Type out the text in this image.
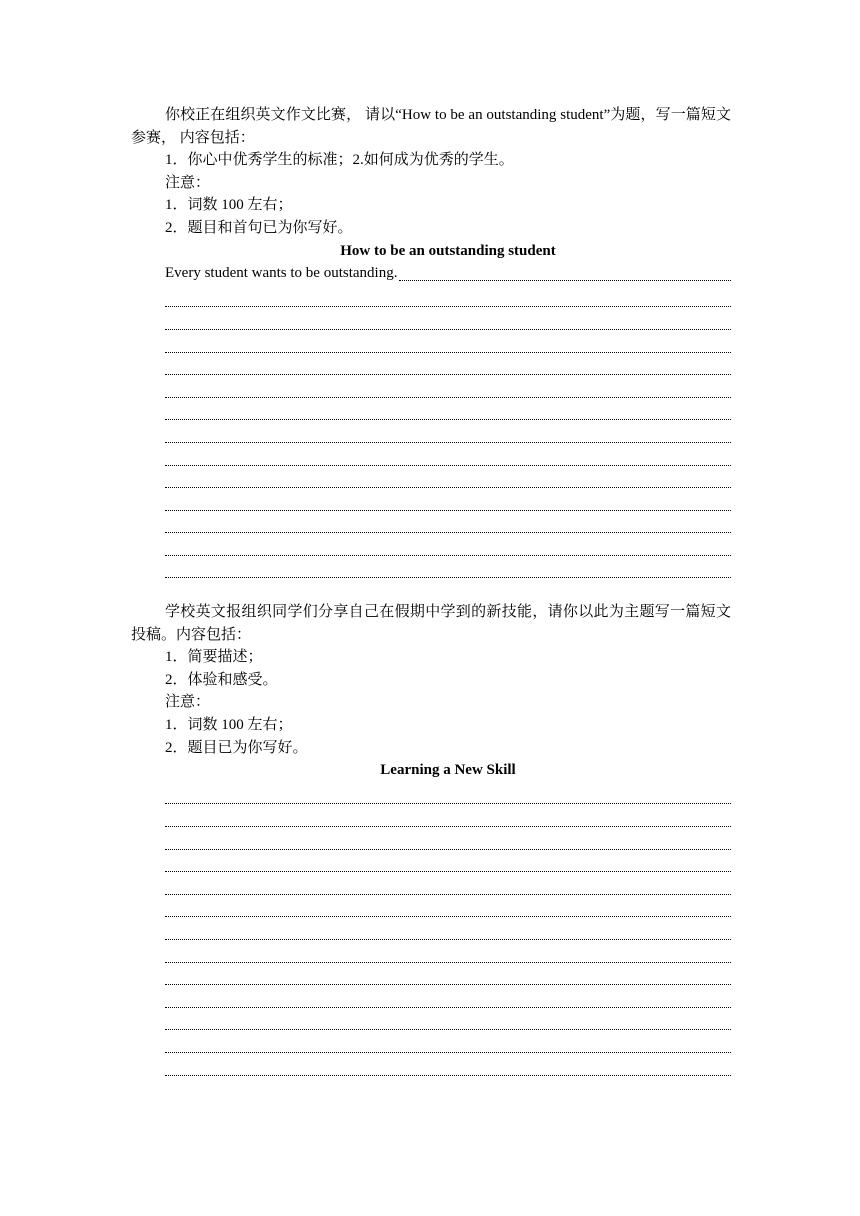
你校正在组织英文作文比赛， 请以“How to be an outstanding student”为题，写一篇短文参赛， 内容包括：

1．你心中优秀学生的标准；2.如何成为优秀的学生。

注意：

1．词数 100 左右；

2．题目和首句已为你写好。

How to be an outstanding student

Every student wants to be outstanding.

学校英文报组织同学们分享自己在假期中学到的新技能，请你以此为主题写一篇短文投稿。内容包括：

1．简要描述；

2．体验和感受。

注意：

1．词数 100 左右；

2．题目已为你写好。

Learning a New Skill
